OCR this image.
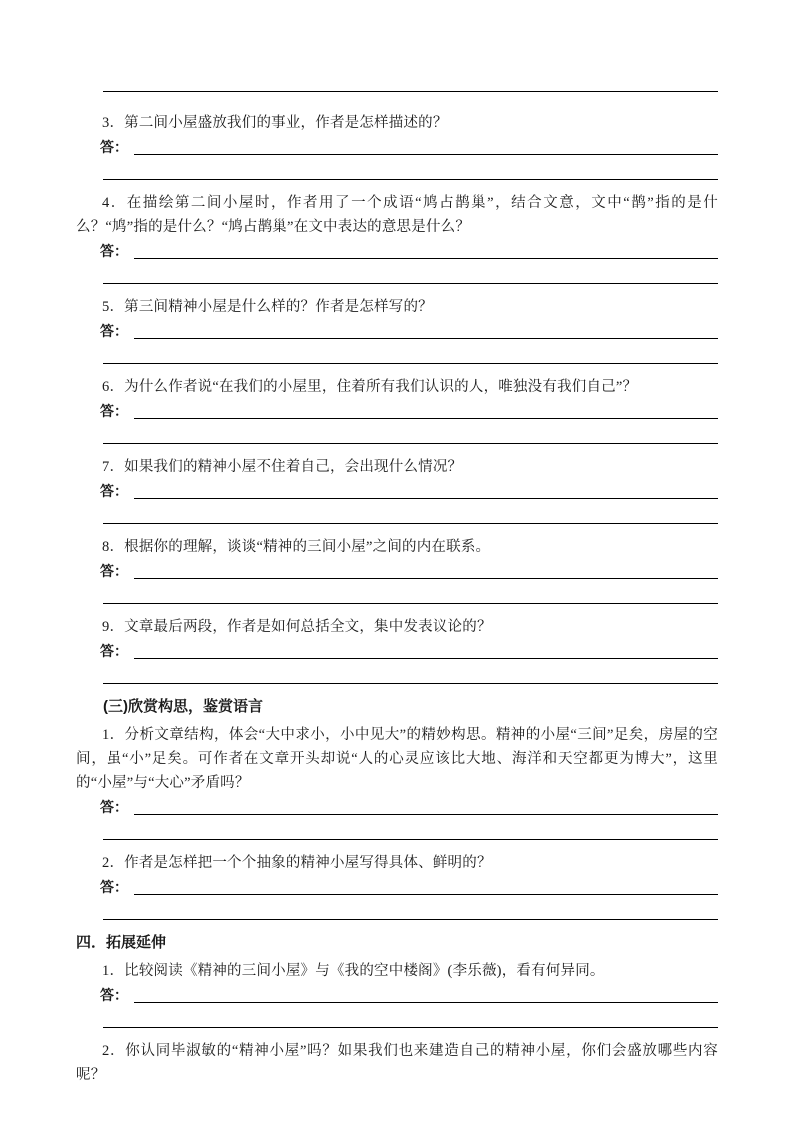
3．第二间小屋盛放我们的事业，作者是怎样描述的？

答：

4．在描绘第二间小屋时，作者用了一个成语“鸠占鹊巢”，结合文意，文中“鹊”指的是什么？“鸠”指的是什么？“鸠占鹊巢”在文中表达的意思是什么？

答：

5．第三间精神小屋是什么样的？作者是怎样写的？

答：

6．为什么作者说“在我们的小屋里，住着所有我们认识的人，唯独没有我们自己”？

答：

7．如果我们的精神小屋不住着自己，会出现什么情况？

答：

8．根据你的理解，谈谈“精神的三间小屋”之间的内在联系。

答：

9．文章最后两段，作者是如何总括全文，集中发表议论的？

答：

(三)欣赏构思，鉴赏语言

1．分析文章结构，体会“大中求小，小中见大”的精妙构思。精神的小屋“三间”足矣，房屋的空间，虽“小”足矣。可作者在文章开头却说“人的心灵应该比大地、海洋和天空都更为博大”，这里的“小屋”与“大心”矛盾吗？

答：

2．作者是怎样把一个个抽象的精神小屋写得具体、鲜明的？

答：

四．拓展延伸

1．比较阅读《精神的三间小屋》与《我的空中楼阁》(李乐薇)，看有何异同。

答：

2．你认同毕淑敏的“精神小屋”吗？如果我们也来建造自己的精神小屋，你们会盛放哪些内容呢？
